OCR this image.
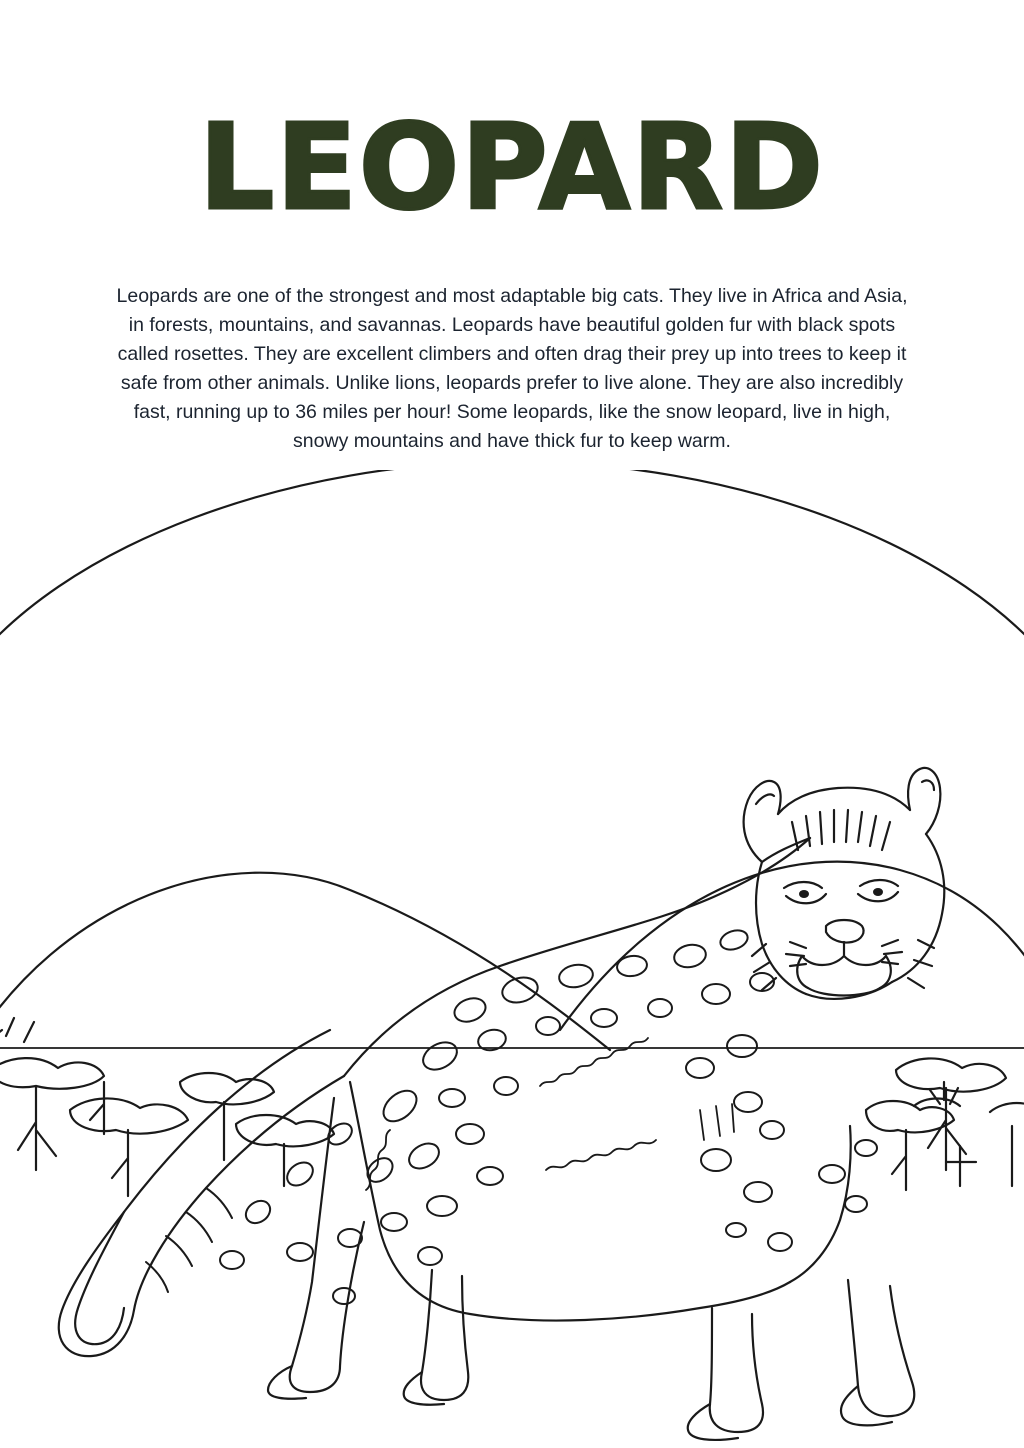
LEOPARD
Leopards are one of the strongest and most adaptable big cats. They live in Africa and Asia, in forests, mountains, and savannas. Leopards have beautiful golden fur with black spots called rosettes. They are excellent climbers and often drag their prey up into trees to keep it safe from other animals. Unlike lions, leopards prefer to live alone. They are also incredibly fast, running up to 36 miles per hour! Some leopards, like the snow leopard, live in high, snowy mountains and have thick fur to keep warm.
